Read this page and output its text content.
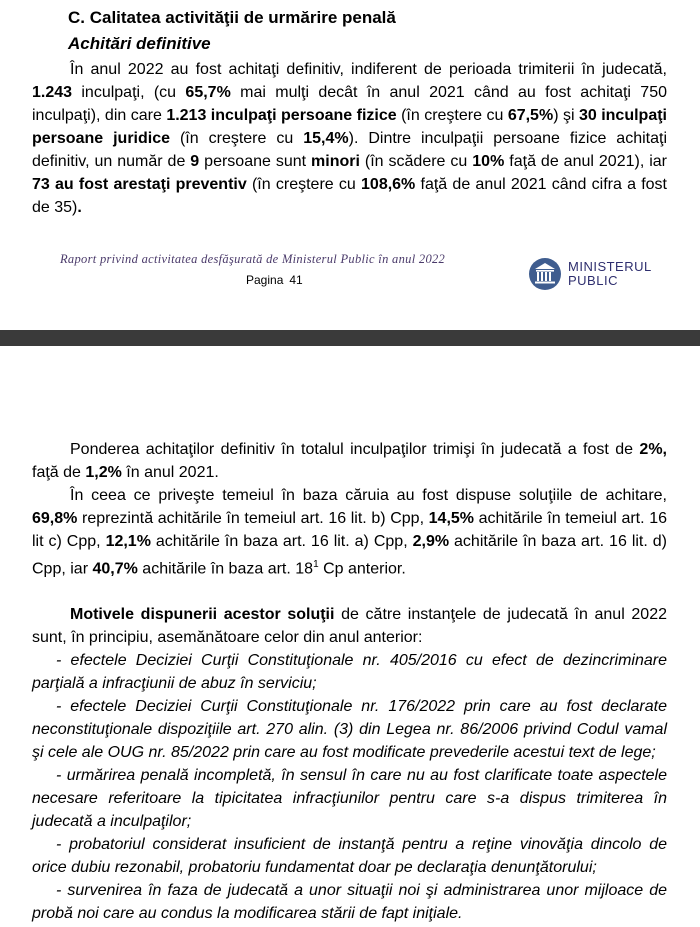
C. Calitatea activităţii de urmărire penală
Achitări definitive

În anul 2022 au fost achitaţi definitiv, indiferent de perioada trimiterii în judecată, 1.243 inculpaţi, (cu 65,7% mai mulţi decât în anul 2021 când au fost achitaţi 750 inculpaţi), din care 1.213 inculpaţi persoane fizice (în creştere cu 67,5%) şi 30 inculpaţi persoane juridice (în creştere cu 15,4%). Dintre inculpaţii persoane fizice achitaţi definitiv, un număr de 9 persoane sunt minori (în scădere cu 10% faţă de anul 2021), iar 73 au fost arestaţi preventiv (în creştere cu 108,6% faţă de anul 2021 când cifra a fost de 35).

Raport privind activitatea desfăşurată de Ministerul Public în anul 2022
Pagina 41
MINISTERUL
PUBLIC

Ponderea achitaţilor definitiv în totalul inculpaţilor trimişi în judecată a fost de 2%, faţă de 1,2% în anul 2021.

În ceea ce priveşte temeiul în baza căruia au fost dispuse soluţiile de achitare, 69,8% reprezintă achitările în temeiul art. 16 lit. b) Cpp, 14,5% achitările în temeiul art. 16 lit c) Cpp, 12,1% achitările în baza art. 16 lit. a) Cpp, 2,9% achitările în baza art. 16 lit. d) Cpp, iar 40,7% achitările în baza art. $18^1$ Cp anterior.

Motivele dispunerii acestor soluţii de către instanţele de judecată în anul 2022 sunt, în principiu, asemănătoare celor din anul anterior:

- efectele Deciziei Curţii Constituţionale nr. 405/2016 cu efect de dezincriminare parţială a infracţiunii de abuz în serviciu;

- efectele Deciziei Curţii Constituţionale nr. 176/2022 prin care au fost declarate neconstituţionale dispoziţiile art. 270 alin. (3) din Legea nr. 86/2006 privind Codul vamal şi cele ale OUG nr. 85/2022 prin care au fost modificate prevederile acestui text de lege;

- urmărirea penală incompletă, în sensul în care nu au fost clarificate toate aspectele necesare referitoare la tipicitatea infracţiunilor pentru care s-a dispus trimiterea în judecată a inculpaţilor;

- probatoriul considerat insuficient de instanţă pentru a reţine vinovăţia dincolo de orice dubiu rezonabil, probatoriu fundamentat doar pe declaraţia denunţătorului;

- survenirea în faza de judecată a unor situaţii noi şi administrarea unor mijloace de probă noi care au condus la modificarea stării de fapt iniţiale.
